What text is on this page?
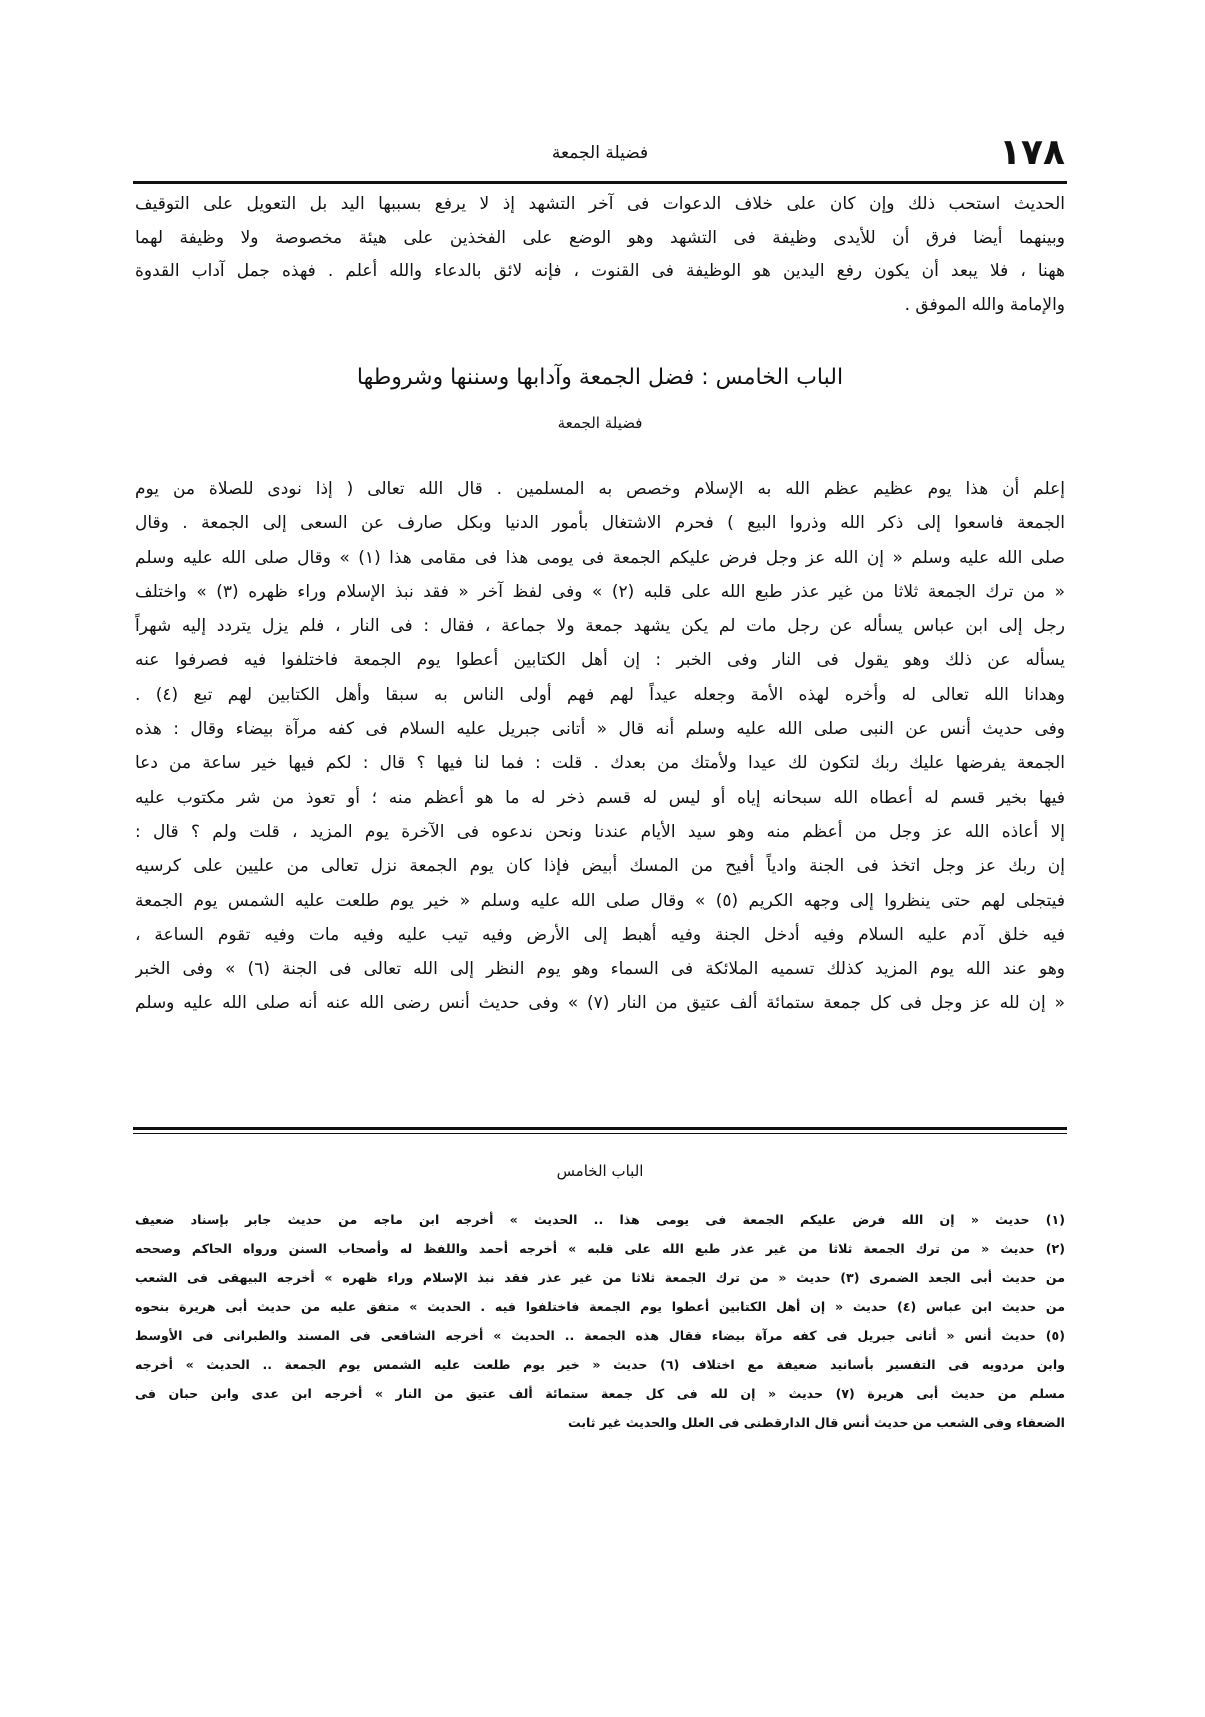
١٧٨
فضيلة الجمعة
الحديث استحب ذلك وإن كان على خلاف الدعوات فى آخر التشهد إذ لا يرفع بسببها اليد بل التعويل على التوقيف
وبينهما أيضا فرق أن للأيدى وظيفة فى التشهد وهو الوضع على الفخذين على هيئة مخصوصة ولا وظيفة لهما
ههنا ، فلا يبعد أن يكون رفع اليدين هو الوظيفة فى القنوت ، فإنه لائق بالدعاء والله أعلم . فهذه جمل آداب القدوة
والإمامة والله الموفق .
الباب الخامس : فضل الجمعة وآدابها وسننها وشروطها
فضيلة الجمعة
إعلم أن هذا يوم عظيم عظم الله به الإسلام وخصص به المسلمين . قال الله تعالى ( إذا نودى للصلاة من يوم
الجمعة فاسعوا إلى ذكر الله وذروا البيع ) فحرم الاشتغال بأمور الدنيا وبكل صارف عن السعى إلى الجمعة . وقال
صلى الله عليه وسلم « إن الله عز وجل فرض عليكم الجمعة فى يومى هذا فى مقامى هذا (١) » وقال صلى الله عليه وسلم
« من ترك الجمعة ثلاثا من غير عذر طبع الله على قلبه (٢) » وفى لفظ آخر « فقد نبذ الإسلام وراء ظهره (٣) » واختلف
رجل إلى ابن عباس يسأله عن رجل مات لم يكن يشهد جمعة ولا جماعة ، فقال : فى النار ، فلم يزل يتردد إليه شهراً
يسأله عن ذلك وهو يقول فى النار وفى الخبر : إن أهل الكتابين أعطوا يوم الجمعة فاختلفوا فيه فصرفوا عنه
وهدانا الله تعالى له وأخره لهذه الأمة وجعله عيداً لهم فهم أولى الناس به سبقا وأهل الكتابين لهم تبع (٤) .
وفى حديث أنس عن النبى صلى الله عليه وسلم أنه قال « أتانى جبريل عليه السلام فى كفه مرآة بيضاء وقال : هذه
الجمعة يفرضها عليك ربك لتكون لك عيدا ولأمتك من بعدك . قلت : فما لنا فيها ؟ قال : لكم فيها خير ساعة من دعا
فيها بخير قسم له أعطاه الله سبحانه إياه أو ليس له قسم ذخر له ما هو أعظم منه ؛ أو تعوذ من شر مكتوب عليه
إلا أعاذه الله عز وجل من أعظم منه وهو سيد الأيام عندنا ونحن ندعوه فى الآخرة يوم المزيد ، قلت ولم ؟ قال :
إن ربك عز وجل اتخذ فى الجنة وادياً أفيح من المسك أبيض فإذا كان يوم الجمعة نزل تعالى من عليين على كرسيه
فيتجلى لهم حتى ينظروا إلى وجهه الكريم (٥) » وقال صلى الله عليه وسلم « خير يوم طلعت عليه الشمس يوم الجمعة
فيه خلق آدم عليه السلام وفيه أدخل الجنة وفيه أهبط إلى الأرض وفيه تيب عليه وفيه مات وفيه تقوم الساعة ،
وهو عند الله يوم المزيد كذلك تسميه الملائكة فى السماء وهو يوم النظر إلى الله تعالى فى الجنة (٦) » وفى الخبر
« إن لله عز وجل فى كل جمعة ستمائة ألف عتيق من النار (٧) » وفى حديث أنس رضى الله عنه أنه صلى الله عليه وسلم
الباب الخامس
(١) حديث « إن الله فرض عليكم الجمعة فى يومى هذا .. الحديث » أخرجه ابن ماجه من حديث جابر بإسناد ضعيف
(٢) حديث « من ترك الجمعة ثلاثا من غير عذر طبع الله على قلبه » أخرجه أحمد واللفظ له وأصحاب السنن ورواه الحاكم وصححه
من حديث أبى الجعد الضمرى (٣) حديث « من ترك الجمعة ثلاثا من غير عذر فقد نبذ الإسلام وراء ظهره » أخرجه البيهقى فى الشعب
من حديث ابن عباس (٤) حديث « إن أهل الكتابين أعطوا يوم الجمعة فاختلفوا فيه . الحديث » متفق عليه من حديث أبى هريرة بنحوه
(٥) حديث أنس « أتانى جبريل فى كفه مرآة بيضاء فقال هذه الجمعة .. الحديث » أخرجه الشافعى فى المسند والطبرانى فى الأوسط
وابن مردويه فى التفسير بأسانيد ضعيفة مع اختلاف (٦) حديث « خير يوم طلعت عليه الشمس يوم الجمعة .. الحديث » أخرجه
مسلم من حديث أبى هريرة (٧) حديث « إن لله فى كل جمعة ستمائة ألف عتيق من النار » أخرجه ابن عدى وابن حبان فى
الضعفاء وفى الشعب من حديث أنس قال الدارقطنى فى العلل والحديث غير ثابت
